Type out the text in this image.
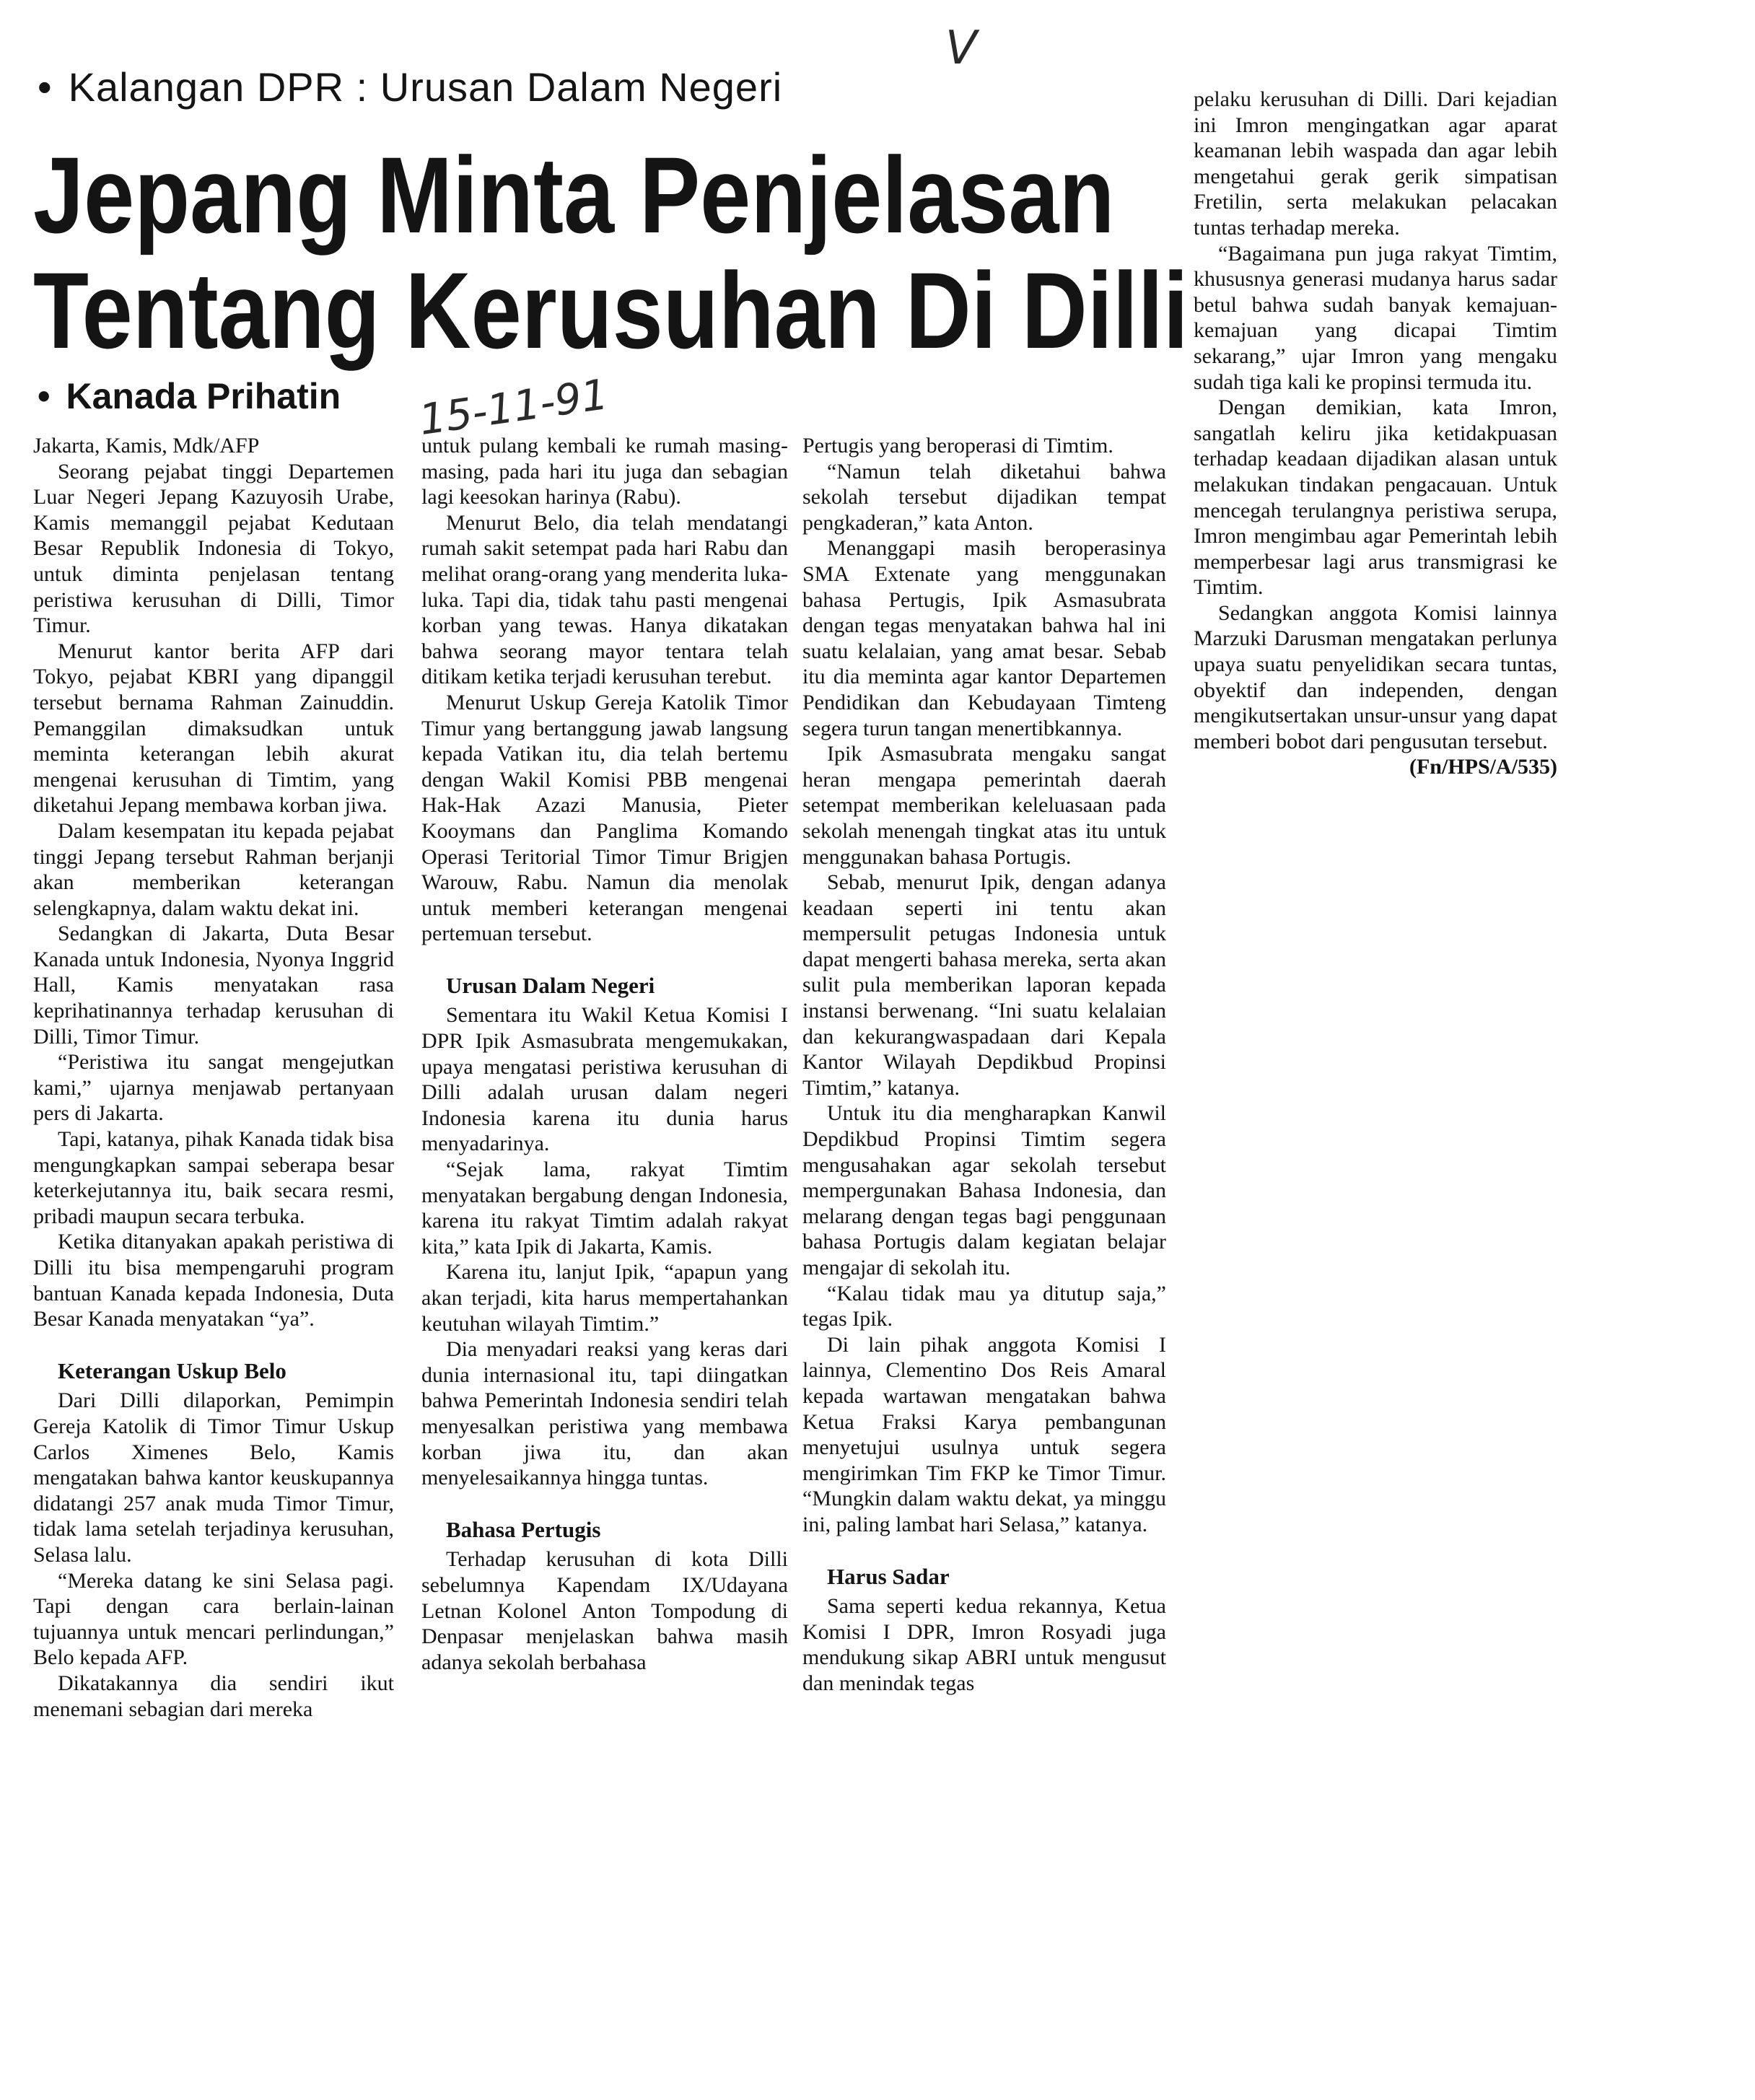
• Kalangan DPR : Urusan Dalam Negeri
V
Jepang Minta Penjelasan
Tentang Kerusuhan Di Dilli
• Kanada Prihatin 15-11-91

Jakarta, Kamis, Mdk/AFP

Seorang pejabat tinggi Departemen Luar Negeri Jepang Kazuyosih Urabe, Kamis memanggil pejabat Kedutaan Besar Republik Indonesia di Tokyo, untuk diminta penjelasan tentang peristiwa kerusuhan di Dilli, Timor Timur.

Menurut kantor berita AFP dari Tokyo, pejabat KBRI yang dipanggil tersebut bernama Rahman Zainuddin. Pemanggilan dimaksudkan untuk meminta keterangan lebih akurat mengenai kerusuhan di Timtim, yang diketahui Jepang membawa korban jiwa.

Dalam kesempatan itu kepada pejabat tinggi Jepang tersebut Rahman berjanji akan memberikan keterangan selengkapnya, dalam waktu dekat ini.

Sedangkan di Jakarta, Duta Besar Kanada untuk Indonesia, Nyonya Inggrid Hall, Kamis menyatakan rasa keprihatinannya terhadap kerusuhan di Dilli, Timor Timur.

“Peristiwa itu sangat mengejutkan kami,” ujarnya menjawab pertanyaan pers di Jakarta.

Tapi, katanya, pihak Kanada tidak bisa mengungkapkan sampai seberapa besar keterkejutannya itu, baik secara resmi, pribadi maupun secara terbuka.

Ketika ditanyakan apakah peristiwa di Dilli itu bisa mempengaruhi program bantuan Kanada kepada Indonesia, Duta Besar Kanada menyatakan “ya”.

Keterangan Uskup Belo

Dari Dilli dilaporkan, Pemimpin Gereja Katolik di Timor Timur Uskup Carlos Ximenes Belo, Kamis mengatakan bahwa kantor keuskupannya didatangi 257 anak muda Timor Timur, tidak lama setelah terjadinya kerusuhan, Selasa lalu.

“Mereka datang ke sini Selasa pagi. Tapi dengan cara berlain-lainan tujuannya untuk mencari perlindungan,” Belo kepada AFP.

Dikatakannya dia sendiri ikut menemani sebagian dari mereka

untuk pulang kembali ke rumah masing-masing, pada hari itu juga dan sebagian lagi keesokan harinya (Rabu).

Menurut Belo, dia telah mendatangi rumah sakit setempat pada hari Rabu dan melihat orang-orang yang menderita luka-luka. Tapi dia, tidak tahu pasti mengenai korban yang tewas. Hanya dikatakan bahwa seorang mayor tentara telah ditikam ketika terjadi kerusuhan terebut.

Menurut Uskup Gereja Katolik Timor Timur yang bertanggung jawab langsung kepada Vatikan itu, dia telah bertemu dengan Wakil Komisi PBB mengenai Hak-Hak Azazi Manusia, Pieter Kooymans dan Panglima Komando Operasi Teritorial Timor Timur Brigjen Warouw, Rabu. Namun dia menolak untuk memberi keterangan mengenai pertemuan tersebut.

Urusan Dalam Negeri

Sementara itu Wakil Ketua Komisi I DPR Ipik Asmasubrata mengemukakan, upaya mengatasi peristiwa kerusuhan di Dilli adalah urusan dalam negeri Indonesia karena itu dunia harus menyadarinya.

“Sejak lama, rakyat Timtim menyatakan bergabung dengan Indonesia, karena itu rakyat Timtim adalah rakyat kita,” kata Ipik di Jakarta, Kamis.

Karena itu, lanjut Ipik, “apapun yang akan terjadi, kita harus mempertahankan keutuhan wilayah Timtim.”

Dia menyadari reaksi yang keras dari dunia internasional itu, tapi diingatkan bahwa Pemerintah Indonesia sendiri telah menyesalkan peristiwa yang membawa korban jiwa itu, dan akan menyelesaikannya hingga tuntas.

Bahasa Pertugis

Terhadap kerusuhan di kota Dilli sebelumnya Kapendam IX/Udayana Letnan Kolonel Anton Tompodung di Denpasar menjelaskan bahwa masih adanya sekolah berbahasa

Pertugis yang beroperasi di Timtim.

“Namun telah diketahui bahwa sekolah tersebut dijadikan tempat pengkaderan,” kata Anton.

Menanggapi masih beroperasinya SMA Extenate yang menggunakan bahasa Pertugis, Ipik Asmasubrata dengan tegas menyatakan bahwa hal ini suatu kelalaian, yang amat besar. Sebab itu dia meminta agar kantor Departemen Pendidikan dan Kebudayaan Timteng segera turun tangan menertibkannya.

Ipik Asmasubrata mengaku sangat heran mengapa pemerintah daerah setempat memberikan keleluasaan pada sekolah menengah tingkat atas itu untuk menggunakan bahasa Portugis.

Sebab, menurut Ipik, dengan adanya keadaan seperti ini tentu akan mempersulit petugas Indonesia untuk dapat mengerti bahasa mereka, serta akan sulit pula memberikan laporan kepada instansi berwenang. “Ini suatu kelalaian dan kekurangwaspadaan dari Kepala Kantor Wilayah Depdikbud Propinsi Timtim,” katanya.

Untuk itu dia mengharapkan Kanwil Depdikbud Propinsi Timtim segera mengusahakan agar sekolah tersebut mempergunakan Bahasa Indonesia, dan melarang dengan tegas bagi penggunaan bahasa Portugis dalam kegiatan belajar mengajar di sekolah itu.

“Kalau tidak mau ya ditutup saja,” tegas Ipik.

Di lain pihak anggota Komisi I lainnya, Clementino Dos Reis Amaral kepada wartawan mengatakan bahwa Ketua Fraksi Karya pembangunan menyetujui usulnya untuk segera mengirimkan Tim FKP ke Timor Timur. “Mungkin dalam waktu dekat, ya minggu ini, paling lambat hari Selasa,” katanya.

Harus Sadar

Sama seperti kedua rekannya, Ketua Komisi I DPR, Imron Rosyadi juga mendukung sikap ABRI untuk mengusut dan menindak tegas

pelaku kerusuhan di Dilli. Dari kejadian ini Imron mengingatkan agar aparat keamanan lebih waspada dan agar lebih mengetahui gerak gerik simpatisan Fretilin, serta melakukan pelacakan tuntas terhadap mereka.

“Bagaimana pun juga rakyat Timtim, khususnya generasi mudanya harus sadar betul bahwa sudah banyak kemajuan-kemajuan yang dicapai Timtim sekarang,” ujar Imron yang mengaku sudah tiga kali ke propinsi termuda itu.

Dengan demikian, kata Imron, sangatlah keliru jika ketidakpuasan terhadap keadaan dijadikan alasan untuk melakukan tindakan pengacauan. Untuk mencegah terulangnya peristiwa serupa, Imron mengimbau agar Pemerintah lebih memperbesar lagi arus transmigrasi ke Timtim.

Sedangkan anggota Komisi lainnya Marzuki Darusman mengatakan perlunya upaya suatu penyelidikan secara tuntas, obyektif dan independen, dengan mengikutsertakan unsur-unsur yang dapat memberi bobot dari pengusutan tersebut.

(Fn/HPS/A/535)
